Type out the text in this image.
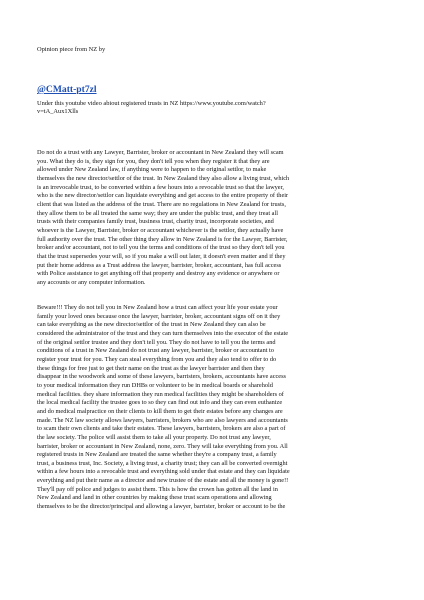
Opinion piece from NZ by
@CMatt-pt7zl
Under this youtube video abiout registered trusts in NZ https://www.youtube.com/watch?
v=tA_Aux1Xlls
Do not do a trust with any Lawyer, Barrister, broker or accountant in New Zealand they will scam
you. What they do is, they sign for you, they don't tell you when they register it that they are
allowed under New Zealand law, if anything were to happen to the original settlor, to make
themselves the new director/settlor of the trust. In New Zealand they also allow a living trust, which
is an irrevocable trust, to be converted within a few hours into a revocable trust so that the lawyer,
who is the new director/settlor can liquidate everything and get access to the entire property of their
client that was listed as the address of the trust. There are no regulations in New Zealand for trusts,
they allow them to be all treated the same way; they are under the public trust, and they treat all
trusts with their companies family trust, business trust, charity trust, incorporate societies, and
whoever is the Lawyer, Barrister, broker or accountant whichever is the settlor, they actually have
full authority over the trust. The other thing they allow in New Zealand is for the Lawyer, Barrister,
broker and/or accountant, not to tell you the terms and conditions of the trust so they don't tell you
that the trust supersedes your will, so if you make a will out later, it doesn't even matter and if they
put their home address as a Trust address the lawyer, barrister, broker, accountant, has full access
with Police assistance to get anything off that property and destroy any evidence or anywhere or
any accounts or any computer information.
Beware!!! They do not tell you in New Zealand how a trust can affect your life your estate your
family your loved ones because once the lawyer, barrister, broker, accountant signs off on it they
can take everything as the new director/settlor of the trust in New Zealand they can also be
considered the administrator of the trust and they can turn themselves into the executor of the estate
of the original settlor trustee and they don't tell you. They do not have to tell you the terms and
conditions of a trust in New Zealand do not trust any lawyer, barrister, broker or accountant to
register your trust for you. They can steal everything from you and they also tend to offer to do
these things for free just to get their name on the trust as the lawyer barrister and then they
disappear in the woodwork and some of these lawyers, barristers, brokers, accountants have access
to your medical information they run DHBs or volunteer to be in medical boards or sharehold
medical facilities. they share information they run medical facilities they might be shareholders of
the local medical facility the trustee goes to so they can find out info and they can even euthanize
and do medical malpractice on their clients to kill them to get their estates before any changes are
made. The NZ law society allows lawyers, barristers, brokers who are also lawyers and accountants
to scam their own clients and take their estates. These lawyers, barristers, brokers are also a part of
the law society. The police will assist them to take all your property. Do not trust any lawyer,
barrister, broker or accountant in New Zealand, none, zero. They will take everything from you. All
registered trusts in New Zealand are treated the same whether they're a company trust, a family
trust, a business trust, Inc. Society, a living trust, a charity trust; they can all be converted overnight
within a few hours into a revocable trust and everything sold under that estate and they can liquidate
everything and put their name as a director and new trustee of the estate and all the money is gone!!
They'll pay off police and judges to assist them. This is how the crown has gotten all the land in
New Zealand and land in other countries by making these trust scam operations and allowing
themselves to be the director/principal and allowing a lawyer, barrister, broker or account to be the
